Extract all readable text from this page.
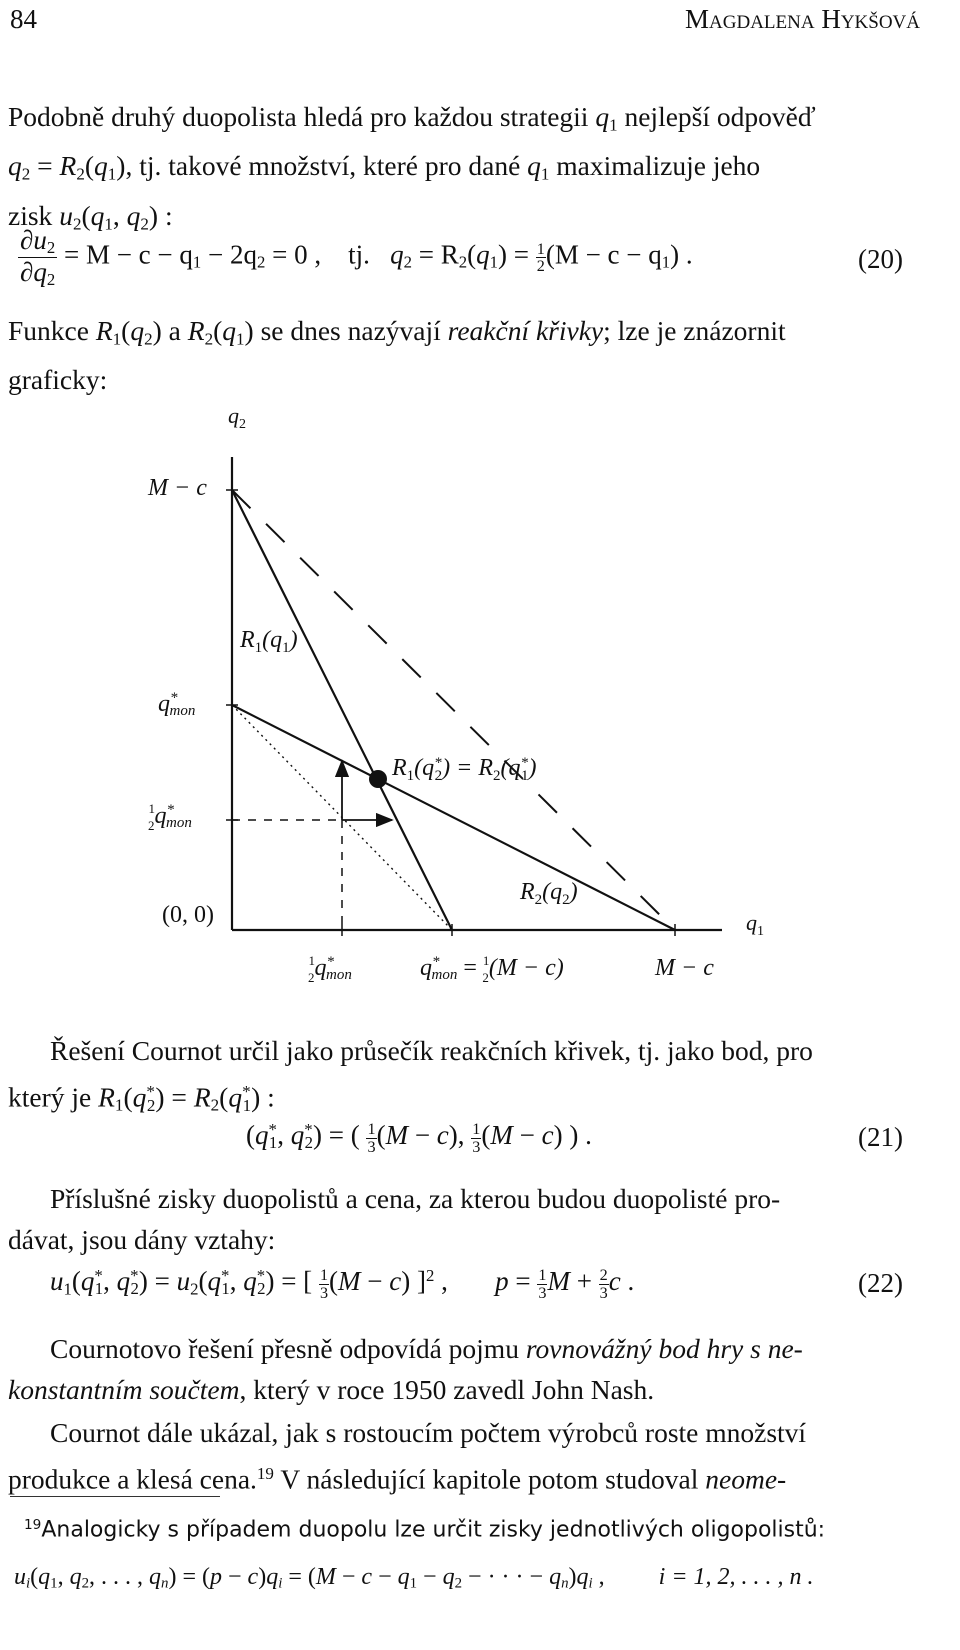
84	Magdalena Hykšová
Podobně druhý duopolista hledá pro každou strategii $q_1$ nejlepší odpověď
$q_2 = R_2(q_1)$, tj. takové množství, které pro dané $q_1$ maximalizuje jeho
zisk $u_2(q_1$, $q_2$) :
$\frac{\partial u_2}{\partial q_2} = M - c - q_1 - 2q_2 = 0$ , tj. $q_2 = R_2(q_1) = \frac{1}{2} (M - c - q_1)$ .	(20)
Funkce $R_1(q_2)$ a $R_2(q_1)$ se dnes nazývají reakční křivky; lze je znázornit
graficky:
$q_2$
M − c
q* mon
$^1$ 2q* mon
(0, 0)
$R_1(q_1)$
$R_1(q^*$ $2) = R_2(q^*$ 1)
$R_2(q_2)$
$q_1$
$^1$ 2q* mon	q* mon = $^1$ 2(M − c)	M − c
Řešení Cournot určil jako průsečík reakčních křivek, tj. jako bod, pro
který je $R_1(q^*_2) = R_2(q^*_1)$ :
($q^*_1$, $q^*_2$) = ( $\frac{1}{3} (M - c)$, $\frac{1}{3} (M - c)$ ) .	(21)
Příslušné zisky duopolistů a cena, za kterou budou duopolisté pro-
dávat, jsou dány vztahy:
$u_1(q^*_1$, $q^*_2) = u_2(q^*_1$, $q^*_2$) = [ $\frac{1}{3} (M - c)$ ]$^2$ ,       $p = \frac{1}{3}$ $M + \frac{2}{3}$ c .	(22)
Cournotovo řešení přesně odpovídá pojmu rovnovážný bod hry s ne-
konstantním součtem, který v roce 1950 zavedl John Nash.
Cournot dále ukázal, jak s rostoucím počtem výrobců roste množství
produkce a klesá cena.$^{19}$ V následující kapitole potom studoval neome-
$^{19}$Analogicky s případem duopolu lze určit zisky jednotlivých oligopolistů:
$u_i(q_1$, $q_2$, . . . , $q_n) = (p - c)q_i = (M - c - q_1 - q_2$ − · · · − $q_n)q_i$ ,         i = 1, 2, . . . , n .
